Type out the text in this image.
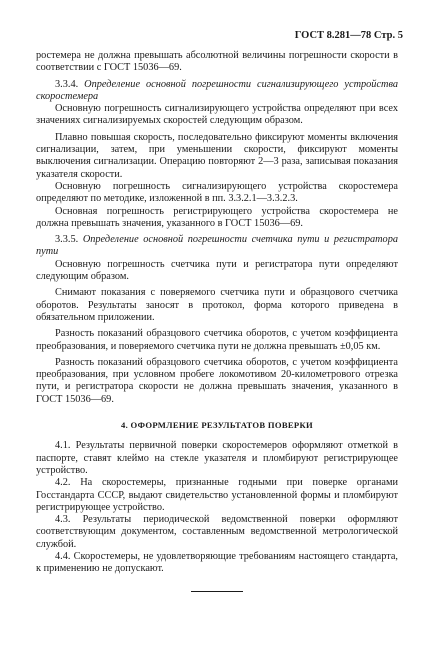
ГОСТ 8.281—78 Стр. 5

ростемера не должна превышать абсолютной величины погрешности скорости в соответствии с ГОСТ 15036—69.

3.3.4. Определение основной погрешности сигнализирующего устройства скоростемера

Основную погрешность сигнализирующего устройства определяют при всех значениях сигнализируемых скоростей следующим образом.

Плавно повышая скорость, последовательно фиксируют моменты включения сигнализации, затем, при уменьшении скорости, фиксируют моменты выключения сигнализации. Операцию повторяют 2—3 раза, записывая показания указателя скорости.

Основную погрешность сигнализирующего устройства скоростемера определяют по методике, изложенной в пп. 3.3.2.1—3.3.2.3.

Основная погрешность регистрирующего устройства скоростемера не должна превышать значения, указанного в ГОСТ 15036—69.

3.3.5. Определение основной погрешности счетчика пути и регистратора пути

Основную погрешность счетчика пути и регистратора пути определяют следующим образом.

Снимают показания с поверяемого счетчика пути и образцового счетчика оборотов. Результаты заносят в протокол, форма которого приведена в обязательном приложении.

Разность показаний образцового счетчика оборотов, с учетом коэффициента преобразования, и поверяемого счетчика пути не должна превышать ±0,05 км.

Разность показаний образцового счетчика оборотов, с учетом коэффициента преобразования, при условном пробеге локомотивом 20-километрового отрезка пути, и регистратора скорости не должна превышать значения, указанного в ГОСТ 15036—69.

4. ОФОРМЛЕНИЕ РЕЗУЛЬТАТОВ ПОВЕРКИ

4.1. Результаты первичной поверки скоростемеров оформляют отметкой в паспорте, ставят клеймо на стекле указателя и пломбируют регистрирующее устройство.

4.2. На скоростемеры, признанные годными при поверке органами Госстандарта СССР, выдают свидетельство установленной формы и пломбируют регистрирующее устройство.

4.3. Результаты периодической ведомственной поверки оформляют соответствующим документом, составленным ведомственной метрологической службой.

4.4. Скоростемеры, не удовлетворяющие требованиям настоящего стандарта, к применению не допускают.
